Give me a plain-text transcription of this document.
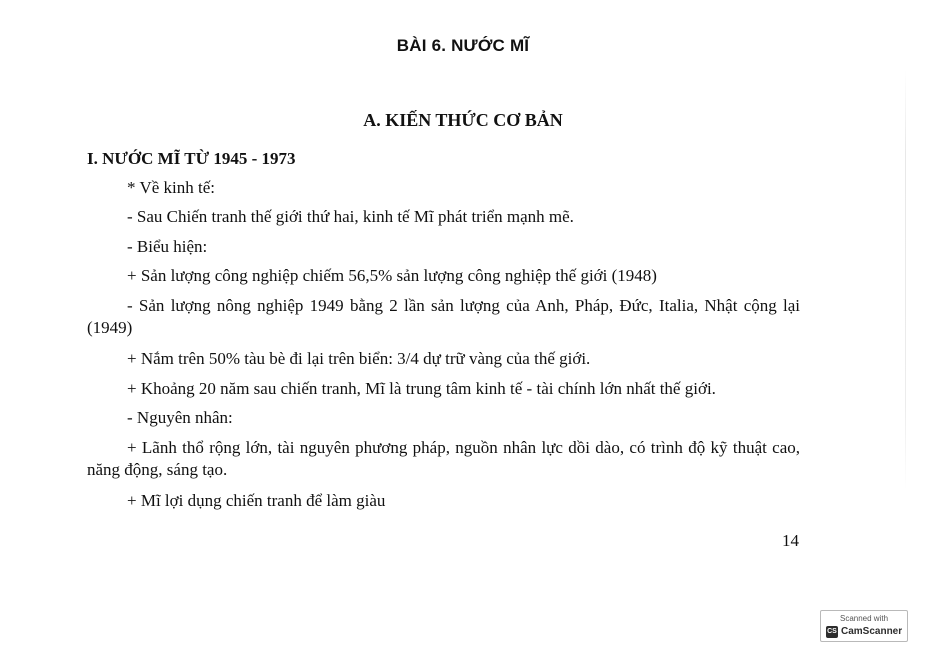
BÀI 6. NƯỚC MĨ
A. KIẾN THỨC CƠ BẢN
I. NƯỚC MĨ TỪ 1945 - 1973
* Về kinh tế:
- Sau Chiến tranh thế giới thứ hai, kinh tế Mĩ phát triển mạnh mẽ.
- Biểu hiện:
+ Sản lượng công nghiệp chiếm 56,5% sản lượng công nghiệp thế giới (1948)
- Sản lượng nông nghiệp 1949 bằng 2 lần sản lượng của Anh, Pháp, Đức, Italia, Nhật cộng lại (1949)
+ Nắm trên 50% tàu bè đi lại trên biển: 3/4 dự trữ vàng của thế giới.
+ Khoảng 20 năm sau chiến tranh, Mĩ là trung tâm kinh tế - tài chính lớn nhất thế giới.
- Nguyên nhân:
+ Lãnh thổ rộng lớn, tài nguyên phương pháp, nguồn nhân lực dồi dào, có trình độ kỹ thuật cao, năng động, sáng tạo.
+ Mĩ lợi dụng chiến tranh để làm giàu
14
Scanned with
CS CamScanner
